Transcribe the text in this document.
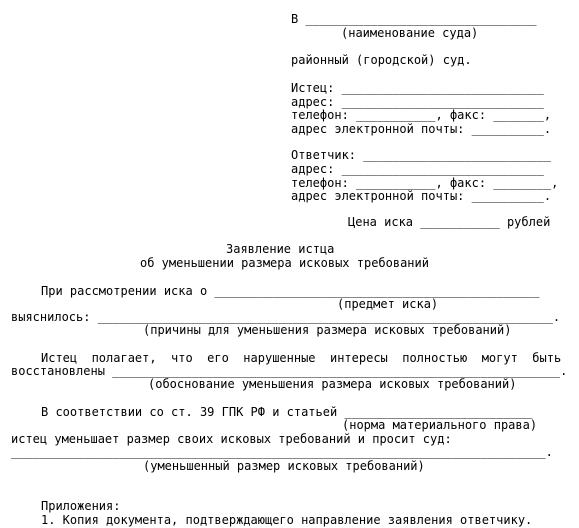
В ________________________________
(наименование суда)
районный (городской) суд.
Истец: ____________________________
адрес: ____________________________
телефон: ___________, факс: _______,
адрес электронной почты: __________.
Ответчик: __________________________
адрес: ____________________________
телефон: ___________, факс: ________,
адрес электронной почты: __________.
Цена иска ___________ рублей
Заявление истца
об уменьшении размера исковых требований
При рассмотрении иска о _____________________________________________
(предмет иска)
выяснилось: _______________________________________________________________.
(причины для уменьшения размера исковых требований)
Истец  полагает,  что  его  нарушенные  интересы  полностью  могут  быть
восстановлены ______________________________________________________________.
(обоснование уменьшения размера исковых требований)
В соответствии со ст. 39 ГПК РФ и статьей __________________________
(норма материального права)
истец уменьшает размер своих исковых требований и просит суд:
__________________________________________________________________________.
(уменьшенный размер исковых требований)
Приложения:
1. Копия документа, подтверждающего направление заявления ответчику.
